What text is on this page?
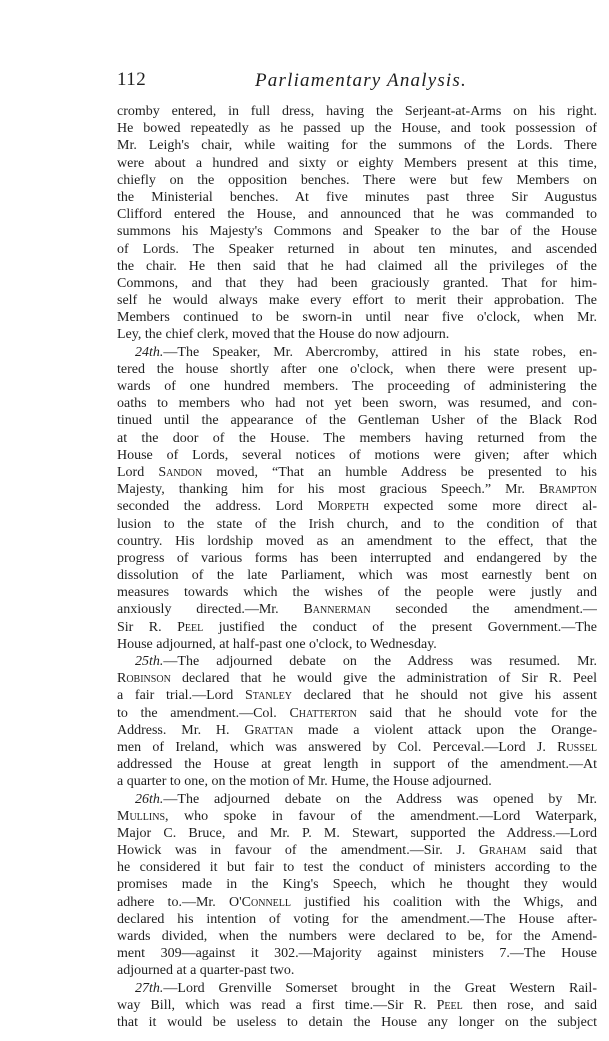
112	Parliamentary Analysis.
cromby entered, in full dress, having the Serjeant-at-Arms on his right.
He bowed repeatedly as he passed up the House, and took possession of
Mr. Leigh's chair, while waiting for the summons of the Lords. There
were about a hundred and sixty or eighty Members present at this time,
chiefly on the opposition benches. There were but few Members on
the Ministerial benches. At five minutes past three Sir Augustus
Clifford entered the House, and announced that he was commanded to
summons his Majesty's Commons and Speaker to the bar of the House
of Lords. The Speaker returned in about ten minutes, and ascended
the chair. He then said that he had claimed all the privileges of the
Commons, and that they had been graciously granted. That for him-
self he would always make every effort to merit their approbation. The
Members continued to be sworn-in until near five o'clock, when Mr.
Ley, the chief clerk, moved that the House do now adjourn.
24th.—The Speaker, Mr. Abercromby, attired in his state robes, en-
tered the house shortly after one o'clock, when there were present up-
wards of one hundred members. The proceeding of administering the
oaths to members who had not yet been sworn, was resumed, and con-
tinued until the appearance of the Gentleman Usher of the Black Rod
at the door of the House. The members having returned from the
House of Lords, several notices of motions were given; after which
Lord Sandon moved, “That an humble Address be presented to his
Majesty, thanking him for his most gracious Speech.” Mr. Brampton
seconded the address. Lord Morpeth expected some more direct al-
lusion to the state of the Irish church, and to the condition of that
country. His lordship moved as an amendment to the effect, that the
progress of various forms has been interrupted and endangered by the
dissolution of the late Parliament, which was most earnestly bent on
measures towards which the wishes of the people were justly and
anxiously directed.—Mr. Bannerman seconded the amendment.—
Sir R. Peel justified the conduct of the present Government.—The
House adjourned, at half-past one o'clock, to Wednesday.
25th.—The adjourned debate on the Address was resumed. Mr.
Robinson declared that he would give the administration of Sir R. Peel
a fair trial.—Lord Stanley declared that he should not give his assent
to the amendment.—Col. Chatterton said that he should vote for the
Address. Mr. H. Grattan made a violent attack upon the Orange-
men of Ireland, which was answered by Col. Perceval.—Lord J. Russel
addressed the House at great length in support of the amendment.—At
a quarter to one, on the motion of Mr. Hume, the House adjourned.
26th.—The adjourned debate on the Address was opened by Mr.
Mullins, who spoke in favour of the amendment.—Lord Waterpark,
Major C. Bruce, and Mr. P. M. Stewart, supported the Address.—Lord
Howick was in favour of the amendment.—Sir. J. Graham said that
he considered it but fair to test the conduct of ministers according to the
promises made in the King's Speech, which he thought they would
adhere to.—Mr. O'Connell justified his coalition with the Whigs, and
declared his intention of voting for the amendment.—The House after-
wards divided, when the numbers were declared to be, for the Amend-
ment 309—against it 302.—Majority against ministers 7.—The House
adjourned at a quarter-past two.
27th.—Lord Grenville Somerset brought in the Great Western Rail-
way Bill, which was read a first time.—Sir R. Peel then rose, and said
that it would be useless to detain the House any longer on the subject
